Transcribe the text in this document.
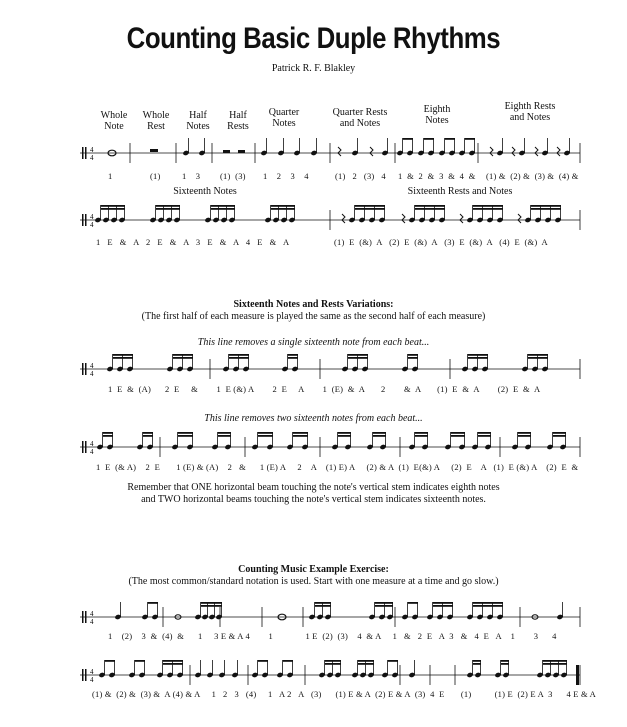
Counting Basic Duple Rhythms
Patrick R. F. Blakley
Whole
Note
Whole
Rest
Half
Notes
Half
Rests
Quarter
Notes
Quarter Rests
and Notes
Eighth
Notes
Eighth Rests
and Notes
1	(1)	1    3 (1)  (3) 1    2    3    4	(1)   2   (3)   4 1  &  2  &  3  &  4  & (1) &  (2) &  (3) &  (4) &
Sixteenth Notes	Sixteenth Rests and Notes
1   E   &   A   2   E   &   A   3   E   &   A   4   E   &   A	(1)  E  (&)  A   (2)  E  (&)  A   (3)  E  (&)  A   (4)  E  (&)  A
Sixteenth Notes and Rests Variations:
(The first half of each measure is played the same as the second half of each measure)
This line removes a single sixteenth note from each beat...
1  E  &  (A)      2  E     &        1  E (&) A        2  E     A        1  (E)  &  A       2        &  A       (1)  E  &  A        (2)  E  &  A
This line removes two sixteenth notes from each beat...
1  E  (& A)    2  E       1 (E) & (A)    2   &      1 (E) A     2    A    (1) E) A     (2) & A  (1)  E(&) A     (2)  E    A   (1)  E (&) A    (2)  E  &
Remember that ONE horizontal beam touching the note's vertical stem indicates eighth notes
and TWO horizontal beams touching the note's vertical stem indicates sixteenth notes.
Counting Music Example Exercise:
(The most common/standard notation is used. Start with one measure at a time and go slow.)
1    (2)    3  &  (4)  &      1     3 E & A 4        1              1 E  (2)  (3)    4  & A     1   &   2  E   A  3   &   4  E   A    1        3      4
(1) &  (2) &  (3) &  A (4) & A     1   2   3   (4)     1   A 2   A   (3)      (1) E & A  (2) E & A  (3)  4  E       (1)          (1) E  (2) E A  3      4 E & A
4
4
4
4
4
4
4
4
4
4
4
4
